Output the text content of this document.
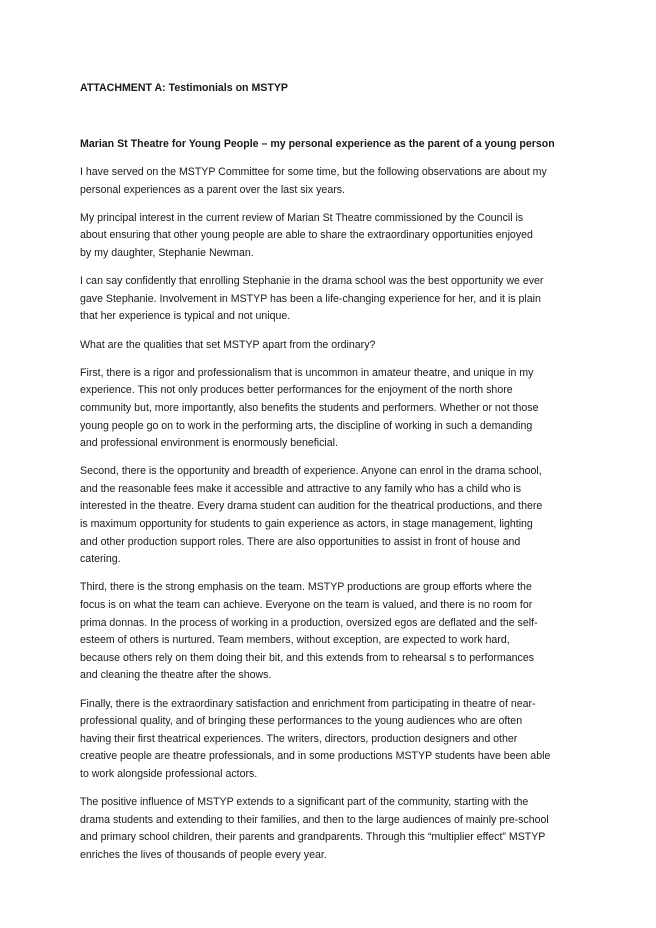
ATTACHMENT A: Testimonials on MSTYP
Marian St Theatre for Young People – my personal experience as the parent of a young person

I have served on the MSTYP Committee for some time, but the following observations are about my
personal experiences as a parent over the last six years.

My principal interest in the current review of Marian St Theatre commissioned by the Council is
about ensuring that other young people are able to share the extraordinary opportunities enjoyed
by my daughter, Stephanie Newman.

I can say confidently that enrolling Stephanie in the drama school was the best opportunity we ever
gave Stephanie. Involvement in MSTYP has been a life-changing experience for her, and it is plain
that her experience is typical and not unique.

What are the qualities that set MSTYP apart from the ordinary?

First, there is a rigor and professionalism that is uncommon in amateur theatre, and unique in my
experience. This not only produces better performances for the enjoyment of the north shore
community but, more importantly, also benefits the students and performers. Whether or not those
young people go on to work in the performing arts, the discipline of working in such a demanding
and professional environment is enormously beneficial.

Second, there is the opportunity and breadth of experience. Anyone can enrol in the drama school,
and the reasonable fees make it accessible and attractive to any family who has a child who is
interested in the theatre. Every drama student can audition for the theatrical productions, and there
is maximum opportunity for students to gain experience as actors, in stage management, lighting
and other production support roles. There are also opportunities to assist in front of house and
catering.

Third, there is the strong emphasis on the team. MSTYP productions are group efforts where the
focus is on what the team can achieve. Everyone on the team is valued, and there is no room for
prima donnas. In the process of working in a production, oversized egos are deflated and the self-
esteem of others is nurtured. Team members, without exception, are expected to work hard,
because others rely on them doing their bit, and this extends from to rehearsal s to performances
and cleaning the theatre after the shows.

Finally, there is the extraordinary satisfaction and enrichment from participating in theatre of near-
professional quality, and of bringing these performances to the young audiences who are often
having their first theatrical experiences. The writers, directors, production designers and other
creative people are theatre professionals, and in some productions MSTYP students have been able
to work alongside professional actors.

The positive influence of MSTYP extends to a significant part of the community, starting with the
drama students and extending to their families, and then to the large audiences of mainly pre-school
and primary school children, their parents and grandparents. Through this “multiplier effect” MSTYP
enriches the lives of thousands of people every year.
